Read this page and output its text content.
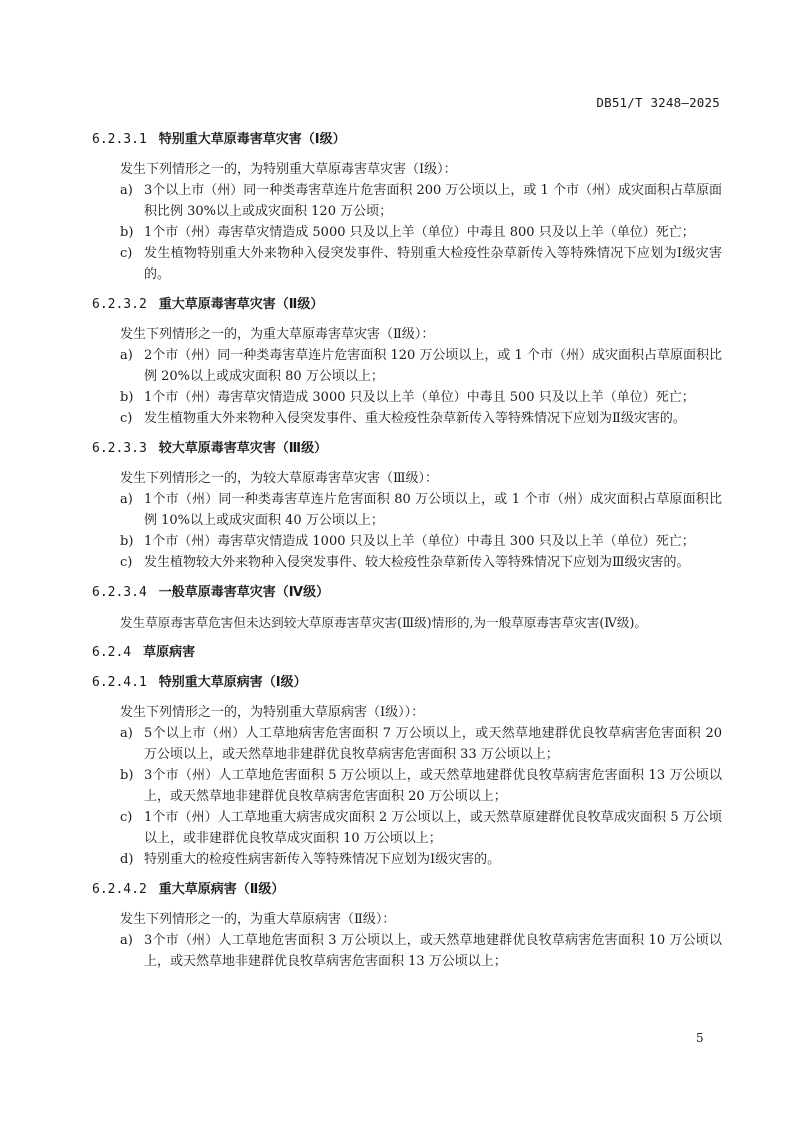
DB51/T 3248—2025

6.2.3.1 特别重大草原毒害草灾害（Ⅰ级）

发生下列情形之一的，为特别重大草原毒害草灾害（Ⅰ级）：

a) 3个以上市（州）同一种类毒害草连片危害面积 200 万公顷以上，或 1 个市（州）成灾面积占草原面积比例 30%以上或成灾面积 120 万公顷；

b) 1个市（州）毒害草灾情造成 5000 只及以上羊（单位）中毒且 800 只及以上羊（单位）死亡；

c) 发生植物特别重大外来物种入侵突发事件、特别重大检疫性杂草新传入等特殊情况下应划为Ⅰ级灾害的。

6.2.3.2 重大草原毒害草灾害（Ⅱ级）

发生下列情形之一的，为重大草原毒害草灾害（Ⅱ级）：

a) 2个市（州）同一种类毒害草连片危害面积 120 万公顷以上，或 1 个市（州）成灾面积占草原面积比例 20%以上或成灾面积 80 万公顷以上；

b) 1个市（州）毒害草灾情造成 3000 只及以上羊（单位）中毒且 500 只及以上羊（单位）死亡；

c) 发生植物重大外来物种入侵突发事件、重大检疫性杂草新传入等特殊情况下应划为Ⅱ级灾害的。

6.2.3.3 较大草原毒害草灾害（Ⅲ级）

发生下列情形之一的，为较大草原毒害草灾害（Ⅲ级）：

a) 1个市（州）同一种类毒害草连片危害面积 80 万公顷以上，或 1 个市（州）成灾面积占草原面积比例 10%以上或成灾面积 40 万公顷以上；

b) 1个市（州）毒害草灾情造成 1000 只及以上羊（单位）中毒且 300 只及以上羊（单位）死亡；

c) 发生植物较大外来物种入侵突发事件、较大检疫性杂草新传入等特殊情况下应划为Ⅲ级灾害的。

6.2.3.4 一般草原毒害草灾害（Ⅳ级）

发生草原毒害草危害但未达到较大草原毒害草灾害(Ⅲ级)情形的,为一般草原毒害草灾害(Ⅳ级)。

6.2.4 草原病害

6.2.4.1 特别重大草原病害（Ⅰ级）

发生下列情形之一的，为特别重大草原病害（Ⅰ级））：

a) 5个以上市（州）人工草地病害危害面积 7 万公顷以上，或天然草地建群优良牧草病害危害面积 20 万公顷以上，或天然草地非建群优良牧草病害危害面积 33 万公顷以上；

b) 3个市（州）人工草地危害面积 5 万公顷以上，或天然草地建群优良牧草病害危害面积 13 万公顷以上，或天然草地非建群优良牧草病害危害面积 20 万公顷以上；

c) 1个市（州）人工草地重大病害成灾面积 2 万公顷以上，或天然草原建群优良牧草成灾面积 5 万公顷以上，或非建群优良牧草成灾面积 10 万公顷以上；

d) 特别重大的检疫性病害新传入等特殊情况下应划为Ⅰ级灾害的。

6.2.4.2 重大草原病害（Ⅱ级）

发生下列情形之一的，为重大草原病害（Ⅱ级）：

a) 3个市（州）人工草地危害面积 3 万公顷以上，或天然草地建群优良牧草病害危害面积 10 万公顷以上，或天然草地非建群优良牧草病害危害面积 13 万公顷以上；

5
